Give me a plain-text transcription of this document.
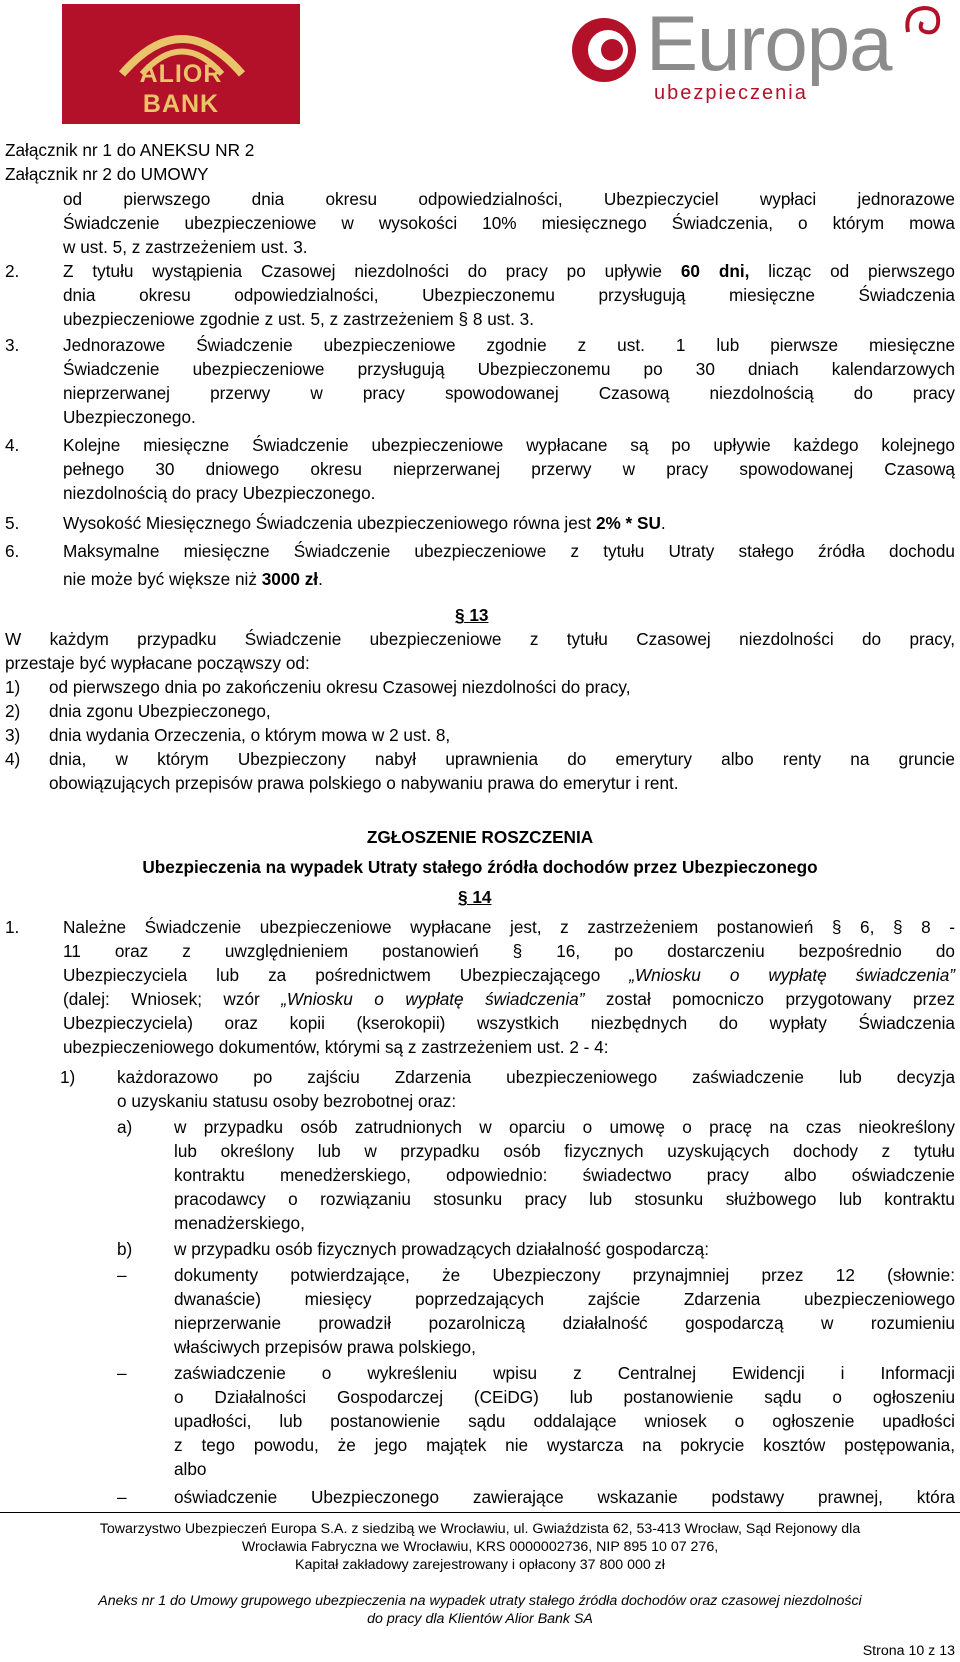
ALIOR
BANK
Europa
ubezpieczenia
Załącznik nr 1 do ANEKSU NR 2
Załącznik nr 2 do UMOWY
od pierwszego dnia okresu odpowiedzialności, Ubezpieczyciel wypłaci jednorazowe
Świadczenie ubezpieczeniowe w wysokości 10% miesięcznego Świadczenia, o którym mowa
w ust. 5, z zastrzeżeniem ust. 3.
2.	Z tytułu wystąpienia Czasowej niezdolności do pracy po upływie 60 dni, licząc od pierwszego
dnia okresu odpowiedzialności, Ubezpieczonemu przysługują miesięczne Świadczenia
ubezpieczeniowe zgodnie z ust. 5, z zastrzeżeniem § 8 ust. 3.
3.	Jednorazowe Świadczenie ubezpieczeniowe zgodnie z ust. 1 lub pierwsze miesięczne
Świadczenie ubezpieczeniowe przysługują Ubezpieczonemu po 30 dniach kalendarzowych
nieprzerwanej przerwy w pracy spowodowanej Czasową niezdolnością do pracy
Ubezpieczonego.
4.	Kolejne miesięczne Świadczenie ubezpieczeniowe wypłacane są po upływie każdego kolejnego
pełnego 30 dniowego okresu nieprzerwanej przerwy w pracy spowodowanej Czasową
niezdolnością do pracy Ubezpieczonego.
5.	Wysokość Miesięcznego Świadczenia ubezpieczeniowego równa jest 2% * SU.
6.	Maksymalne miesięczne Świadczenie ubezpieczeniowe z tytułu Utraty stałego źródła dochodu
nie może być większe niż 3000 zł.
§ 13
W każdym przypadku Świadczenie ubezpieczeniowe z tytułu Czasowej niezdolności do pracy,
przestaje być wypłacane począwszy od:
1) od pierwszego dnia po zakończeniu okresu Czasowej niezdolności do pracy,
2) dnia zgonu Ubezpieczonego,
3) dnia wydania Orzeczenia, o którym mowa w 2 ust. 8,
4) dnia, w którym Ubezpieczony nabył uprawnienia do emerytury albo renty na gruncie
obowiązujących przepisów prawa polskiego o nabywaniu prawa do emerytur i rent.
ZGŁOSZENIE ROSZCZENIA
Ubezpieczenia na wypadek Utraty stałego źródła dochodów przez Ubezpieczonego
§ 14
1.	Należne Świadczenie ubezpieczeniowe wypłacane jest, z zastrzeżeniem postanowień § 6, § 8 -
11 oraz z uwzględnieniem postanowień § 16, po dostarczeniu bezpośrednio do
Ubezpieczyciela lub za pośrednictwem Ubezpieczającego „Wniosku o wypłatę świadczenia”
(dalej: Wniosek; wzór „Wniosku o wypłatę świadczenia” został pomocniczo przygotowany przez
Ubezpieczyciela) oraz kopii (kserokopii) wszystkich niezbędnych do wypłaty Świadczenia
ubezpieczeniowego dokumentów, którymi są z zastrzeżeniem ust. 2 - 4:
1) każdorazowo po zajściu Zdarzenia ubezpieczeniowego zaświadczenie lub decyzja
o uzyskaniu statusu osoby bezrobotnej oraz:
a) w przypadku osób zatrudnionych w oparciu o umowę o pracę na czas nieokreślony
lub określony lub w przypadku osób fizycznych uzyskujących dochody z tytułu
kontraktu menedżerskiego, odpowiednio: świadectwo pracy albo oświadczenie
pracodawcy o rozwiązaniu stosunku pracy lub stosunku służbowego lub kontraktu
menadżerskiego,
b) w przypadku osób fizycznych prowadzących działalność gospodarczą:
–	dokumenty potwierdzające, że Ubezpieczony przynajmniej przez 12 (słownie:
dwanaście) miesięcy poprzedzających zajście Zdarzenia ubezpieczeniowego
nieprzerwanie prowadził pozarolniczą działalność gospodarczą w rozumieniu
właściwych przepisów prawa polskiego,
–	zaświadczenie o wykreśleniu wpisu z Centralnej Ewidencji i Informacji
o Działalności Gospodarczej (CEiDG) lub postanowienie sądu o ogłoszeniu
upadłości, lub postanowienie sądu oddalające wniosek o ogłoszenie upadłości
z tego powodu, że jego majątek nie wystarcza na pokrycie kosztów postępowania,
albo
–	oświadczenie Ubezpieczonego zawierające wskazanie podstawy prawnej, która
Towarzystwo Ubezpieczeń Europa S.A. z siedzibą we Wrocławiu, ul. Gwiaździsta 62, 53-413 Wrocław, Sąd Rejonowy dla
Wrocławia Fabryczna we Wrocławiu, KRS 0000002736, NIP 895 10 07 276,
Kapitał zakładowy zarejestrowany i opłacony 37 800 000 zł
Aneks nr 1 do Umowy grupowego ubezpieczenia na wypadek utraty stałego źródła dochodów oraz czasowej niezdolności
do pracy dla Klientów Alior Bank SA
Strona 10 z 13
